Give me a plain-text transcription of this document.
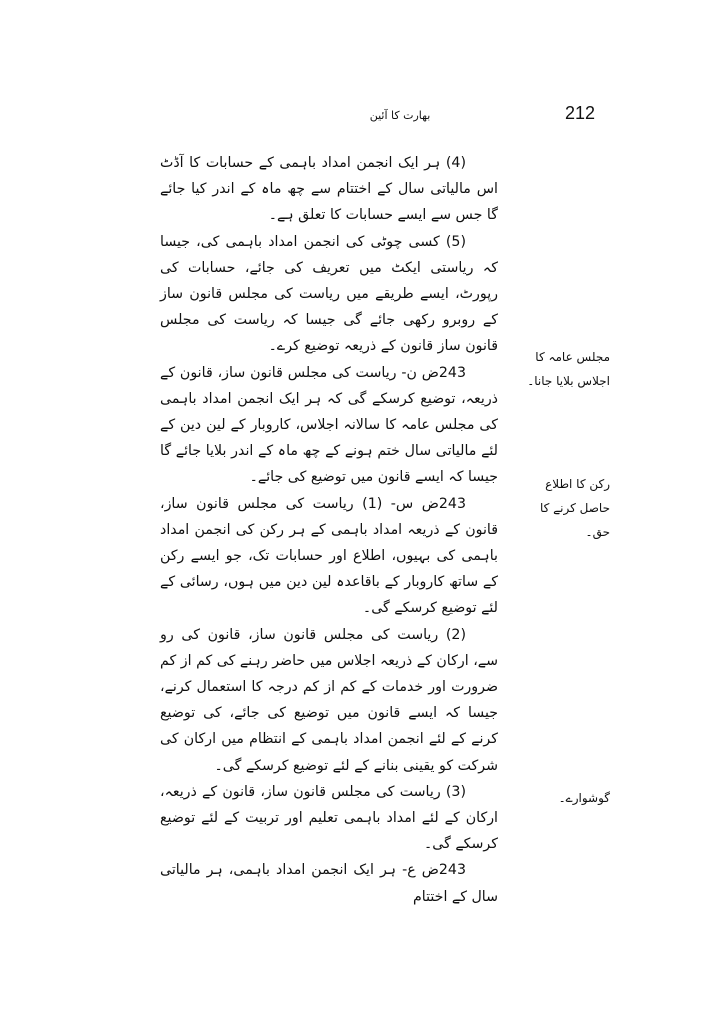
212
بھارت کا آئین
مجلس عامہ کا اجلاس بلایا جانا۔
رکن کا اطلاع حاصل کرنے کا حق۔
گوشوارے۔

(4) ہر ایک انجمن امداد باہمی کے حسابات کا آڈٹ اس مالیاتی سال کے اختتام سے چھ ماہ کے اندر کیا جائے گا جس سے ایسے حسابات کا تعلق ہے۔

(5) کسی چوٹی کی انجمن امداد باہمی کی، جیسا کہ ریاستی ایکٹ میں تعریف کی جائے، حسابات کی رپورٹ، ایسے طریقے میں ریاست کی مجلس قانون ساز کے روبرو رکھی جائے گی جیسا کہ ریاست کی مجلس قانون ساز قانون کے ذریعہ توضیع کرے۔

243ض ن- ریاست کی مجلس قانون ساز، قانون کے ذریعہ، توضیع کرسکے گی کہ ہر ایک انجمن امداد باہمی کی مجلس عامہ کا سالانہ اجلاس، کاروبار کے لین دین کے لئے مالیاتی سال ختم ہونے کے چھ ماہ کے اندر بلایا جائے گا جیسا کہ ایسے قانون میں توضیع کی جائے۔

243ض س- (1) ریاست کی مجلس قانون ساز، قانون کے ذریعہ امداد باہمی کے ہر رکن کی انجمن امداد باہمی کی بہیوں، اطلاع اور حسابات تک، جو ایسے رکن کے ساتھ کاروبار کے باقاعدہ لین دین میں ہوں، رسائی کے لئے توضیع کرسکے گی۔

(2) ریاست کی مجلس قانون ساز، قانون کی رو سے، ارکان کے ذریعہ اجلاس میں حاضر رہنے کی کم از کم ضرورت اور خدمات کے کم از کم درجہ کا استعمال کرنے، جیسا کہ ایسے قانون میں توضیع کی جائے، کی توضیع کرنے کے لئے انجمن امداد باہمی کے انتظام میں ارکان کی شرکت کو یقینی بنانے کے لئے توضیع کرسکے گی۔

(3) ریاست کی مجلس قانون ساز، قانون کے ذریعہ، ارکان کے لئے امداد باہمی تعلیم اور تربیت کے لئے توضیع کرسکے گی۔

243ض ع- ہر ایک انجمن امداد باہمی، ہر مالیاتی سال کے اختتام
